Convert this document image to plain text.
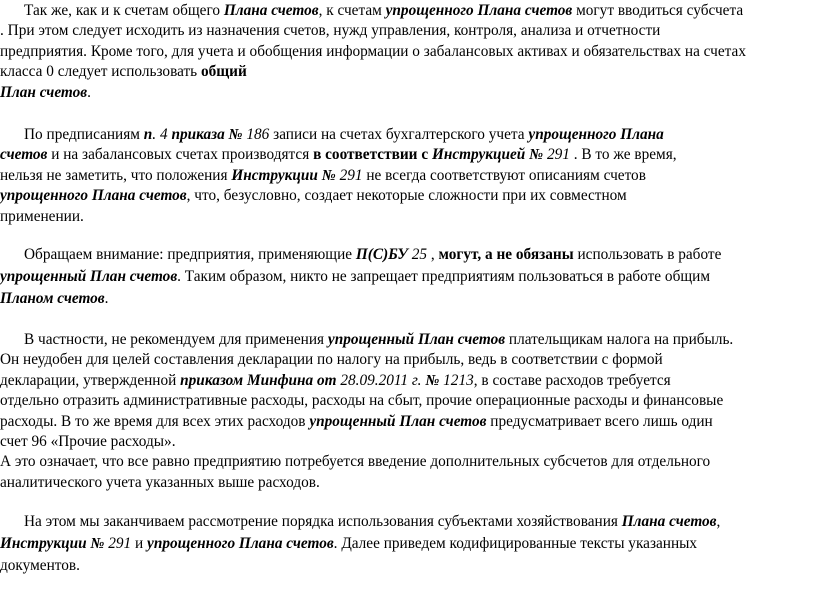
Так же, как и к счетам общего Плана счетов, к счетам упрощенного Плана счетов могут вводиться субсчета
. При этом следует исходить из назначения счетов, нужд управления, контроля, анализа и отчетности
предприятия. Кроме того, для учета и обобщения информации о забалансовых активах и обязательствах на счетах
класса 0 следует использовать общий
План счетов.
По предписаниям п. 4 приказа № 186 записи на счетах бухгалтерского учета упрощенного Плана
счетов и на забалансовых счетах производятся в соответствии с Инструкцией № 291 . В то же время,
нельзя не заметить, что положения Инструкции № 291 не всегда соответствуют описаниям счетов
упрощенного Плана счетов, что, безусловно, создает некоторые сложности при их совместном
применении.
Обращаем внимание: предприятия, применяющие П(С)БУ 25 , могут, а не обязаны использовать в работе
упрощенный План счетов. Таким образом, никто не запрещает предприятиям пользоваться в работе общим
Планом счетов.
В частности, не рекомендуем для применения упрощенный План счетов плательщикам налога на прибыль.
Он неудобен для целей составления декларации по налогу на прибыль, ведь в соответствии с формой
декларации, утвержденной приказом Минфина от 28.09.2011 г. № 1213, в составе расходов требуется
отдельно отразить административные расходы, расходы на сбыт, прочие операционные расходы и финансовые
расходы. В то же время для всех этих расходов упрощенный План счетов предусматривает всего лишь один
счет 96 «Прочие расходы».
А это означает, что все равно предприятию потребуется введение дополнительных субсчетов для отдельного
аналитического учета указанных выше расходов.
На этом мы заканчиваем рассмотрение порядка использования субъектами хозяйствования Плана счетов,
Инструкции № 291 и упрощенного Плана счетов. Далее приведем кодифицированные тексты указанных
документов.
